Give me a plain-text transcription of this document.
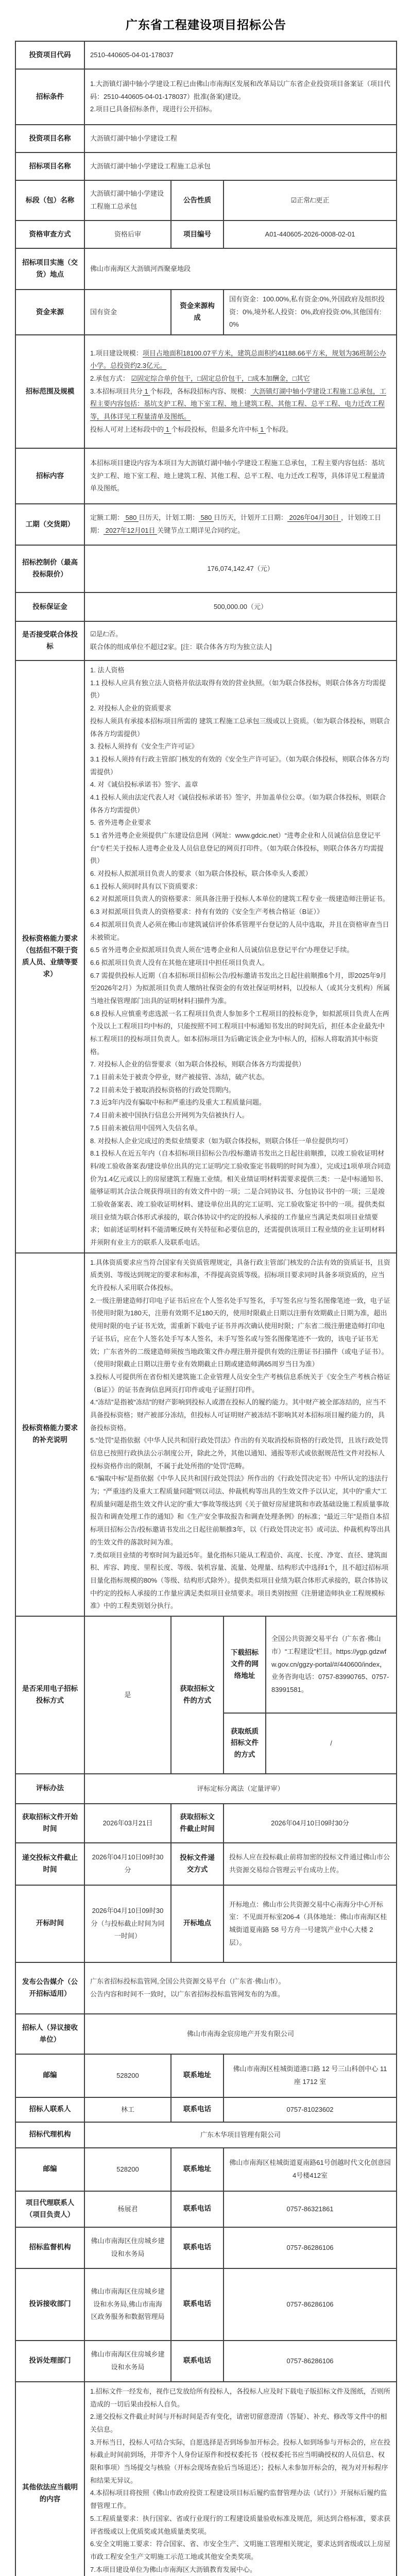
广东省工程建设项目招标公告
投资项目代码	2510-440605-04-01-178037			
招标条件	1.大沥镇灯湖中轴小学建设工程已由佛山市南海区发展和改革局以广东省企业投资项目备案证（项目代码：2510-440605-04-01-178037）批准(备案)建设。
2.项目已具备招标条件，现进行公开招标。			

投资项目名称	大沥镇灯湖中轴小学建设工程			
招标项目名称	大沥镇灯湖中轴小学建设工程施工总承包			
标段（包）名称	大沥镇灯湖中轴小学建设工程施工总承包	公告性质	☑正常/□更正	
资格审查方式	资格后审	项目编号	A01-440605-2026-0008-02-01	
招标项目实施（交货）地点	佛山市南海区大沥镇河西聚豪地段			
资金来源	国有资金	资金来源构成	国有资金：100.00%,私有资金:0%,外国政府及组织投资：0%,境外私人投资：0%,政府投资:0%,其他国有:0%	
招标范围及规模	1.项目建设规模：项目占地面积18100.07平方米，建筑总面积约41188.66平方米，规划为36班制公办小学。总投资约2.3亿元。
2.承包方式： ☑固定综合单价包干，□固定总价包干，□成本加酬金，□其它
3.本招标项目共分 1 个标段，各标段招标内容、规模： 大沥镇灯湖中轴小学建设工程施工总承包，工程主要内容包括：基坑支护工程、地下室工程、地上建筑工程、其他工程、总平工程、电力迁改工程等，具体详见工程量清单及图纸。
投标人可对上述标段中的 1 个标段投标，但最多允许中标 1 个标段。			

招标内容	本招标项目建设内容为本项目为大沥镇灯湖中轴小学建设工程施工总承包，工程主要内容包括：基坑支护工程、地下室工程、地上建筑工程、其他工程、总平工程、电力迁改工程等，具体详见工程量清单及图纸。			
工期（交货期）	定额工期： 580 日历天，计划工期： 580 日历天，计划开工日期： 2026年04月30日 ，计划竣工日期： 2027年12月01日 关键节点工期详见合同约定。			

招标控制价（最高投标限价）	176,074,142.47（元）			
投标保证金	500,000.00（元）			
是否接受联合体投标	☑是/□否。
联合体的组成单位不超过2家。[注：联合体各方均为独立法人]			

投标资格能力要求（包括但不限于资质人员、业绩等要求）	
1. 法人资格
1.1 投标人应具有独立法人资格并依法取得有效的营业执照。（如为联合体投标，则联合体各方均需提供）
2. 对投标人企业的资质要求
投标人须具有承接本招标项目所需的 建筑工程施工总承包三级或以上资质。（如为联合体投标，则联合体各方均需提供）
3. 投标人须持有《安全生产许可证》
3.1 投标人须持有行政主管部门核发的有效的《安全生产许可证》。（如为联合体投标，则联合体各方均需提供）
4. 对《诚信投标承诺书》签字、盖章
4.1 投标人须由法定代表人对《诚信投标承诺书》签字，并加盖单位公章。（如为联合体投标，则联合体各方均需提供）
5. 省外进粤企业要求
5.1 省外进粤企业须提供广东建设信息网（网址：www.gdcic.net）“进粤企业和人员诚信信息登记平台”专栏关于投标人进粤企业及人员信息登记的网页打印件。（如为联合体投标，则联合体各方均需提供）
6. 对投标人拟派项目负责人的要求（如为联合体投标，联合体牵头人委派）
6.1 投标人须同时具有以下资质要求：
6.2 对拟派项目负责人的资格要求：须具备注册于投标人本单位的建筑工程专业一级建造师注册证书。
6.3 对拟派项目负责人的资格要求：持有有效的《安全生产考核合格证（B证）》
6.4 拟派项目负责人必须在佛山市建筑诚信评价体系管理平台登记的人员中选取，并且在资格审查当日未被锁定。
6.5 省外进粤企业拟派项目负责人须在“进粤企业和人员诚信信息登记平台”办理登记手续。
6.6 拟派项目负责人没有在其他在建项目中担任项目负责人。
6.7 需提供投标人近期（自本招标项目招标公告/投标邀请书发出之日起往前顺推6个月，即2025年9月至2026年2月）为拟派项目负责人缴纳社保资金的有效社保证明材料，以投标人（或其分支机构）所属当地社保管理部门出具的证明材料扫描件为准。
6.8 投标人应慎重考虑选派一名工程项目负责人参加多个工程项目的投标竞争，如拟派项目负责人在两个及以上工程项目均中标的，只能按照不同工程项目中标通知书发出的时间先后，担任本企业最先中标工程项目的投标项目负责人。如本招标项目为后确定该企业为中标人的，招标人将取消其中标资格。
7. 对投标人企业的信誉要求（如为联合体投标，则联合体各方均需提供）
7.1 目前未处于被责令停业，财产被接管、冻结，破产状态。
7.2 目前未处于被取消投标资格的行政处罚期内。
7.3 近3年内没有骗取中标和严重违约及重大工程质量问题。
7.4 目前未被中国执行信息公开网列为失信被执行人。
7.5 目前未被信用中国列入失信名单。
8. 对投标人企业完成过的类似业绩要求（如为联合体投标，则联合体任一单位提供均可）
8.1 投标人在近五年内（自本招标项目招标公告/投标邀请书发出之日起往前顺推，以竣工验收证明材料/竣工验收备案表/建设单位出具的完工证明/完工验收鉴定书载明的时间为准），完成过1项单项合同造价为1.4亿元或以上的房屋建筑工程施工业绩。相关业绩证明材料需要求提供三类：一是中标通知书、能够证明其合法合规获得项目的有效文件中的一项；二是合同协议书、分包协议书中的一项；三是竣工验收备案表、竣工验收证明材料、建设单位出具的完工证明、完工验收鉴定书中的一项。提供类似项目业绩为联合体形式承接的，联合体协议中约定的投标人承接的工作量应当满足类似项目业绩要求；如前述证明材料不能清晰反映有关特征和必要信息的，还需提供该项目工程业绩的业主证明材料并须附有业主方的联系人及联系电话。

投标资格能力要求的补充说明	
1.具体资质要求应当符合国家有关资质管理规定，具备行政主管部门核发的合法有效的资质证书，且资质类别、等级达到规定的要求和标准，不得提高资质等级。招标项目要求同时具备多项资质的，应当允许投标人采用联合体投标。
2.一级注册建造师打印电子证书后应在个人签名处手写签名，手写签名应与签名图像笔迹一致，电子证书使用时限为180天，注册有效期不足180天的，使用时限截止日期以注册有效期截止日期为准，超出使用时限的电子证书无效，需重新下载电子证书并再次确认使用时限；广东省二级注册建造师打印电子证书后，应在个人签名处手写本人签名，未手写签名或与签名图像笔迹不一致的，该电子证书无效；广东省外的二级建造师须按当地政策文件办理注册并提供有效的注册证书扫描件（或电子证书）。（使用时限截止日期以注册专业有效期截止日期或建造师满65周岁当日为准）
3.投标人可提供所在省份相关建筑施工企业管理人员安全生产考核信息系统关于《安全生产考核合格证（B证）》的证书查询信息网页打印件或电子证照打印件。
4.“冻结”是指被“冻结”的财产影响到投标人或潜在投标人的履约能力。其中财产被全部冻结的，应当不具备投标资格；财产被部分冻结，但投标人可证明财产被冻结不影响其对本招标项目履约能力的，具备投标资格。
5.“处罚”是指依据《中华人民共和国行政处罚法》作出的有关取消投标资格的行政处罚，且该行政处罚信息已按照行政执法公示制度公开，除此之外，其他以通知、通报等形式或依据规范性文件对投标人投标资格作出的限制，不属于此处所指的“处罚”范畴。
6.“骗取中标”是指依据《中华人民共和国行政处罚法》所作出的《行政处罚决定书》中所认定的违法行为；“严重违约及重大工程质量问题”则以司法、仲裁机构等出具的生效文件予以认定，其中的“重大”工程质量问题是指生效文件认定的“重大”事故等级达到《关于做好房屋建筑和市政基础设施工程质量事故报告和调查处理工作的通知》和《生产安全事故报告和调查处理条例》的标准；“最近三年”是指自本招标项目招标公告/投标邀请书发出之日起往前顺推3年，以《行政处罚决定书》或司法、仲裁机构等出具的生效文件的落款时间为准。
7.类似项目业绩的考察时间为最近5年。量化指标只能从工程造价、高度、长度、净宽、直径、建筑面积、库容、跨度、里程长度、等级、装机容量、流量、处理量、结构形式中选择1个，且不超过招标项目量化指标规模的80%（等级、结构形式除外）。提供类似项目业绩为联合体形式承接的，联合体协议中约定的投标人承接的工作量应满足类似项目业绩要求。项目类别按照《注册建造师执业工程规模标准》中的工程类别划分执行。

是否采用电子招标投标方式	是	获取招标文件的方式	下载招标文件的网络地址	全国公共资源交易平台（广东省·佛山市）“工程建设”栏目。https://ygp.gdzwfw.gov.cn/ggzy-portal/#/440600/index，业务咨询电话：0757-83990765、0757-83991581。
			获取纸质招标文件的方式	/
评标办法	评标定标分离法（定量评审）			
获取招标文件开始时间	2026年03月21日	获取招标文件截止时间	2026年04月10日09时30分	
递交投标文件截止时间	2026年04月10日09时30分	投标文件递交方式	投标人应在投标截止前将加密的投标文件通过佛山市公共资源交易综合管理云平台成功上传。	
开标时间	2026年04月10日09时30分（与投标截止时间为同一时间）	开标地点	开标地点：佛山市公共资源交易中心南海分中心开标室：不见面开标室206-4（具体地址：佛山市南海区桂城街道夏南路 58 号方舟一号建筑产业中心大楼 2 层）。	
发布公告媒介（公开招标适用）	广东省招标投标监管网,全国公共资源交易平台（广东省·佛山市）。
公告内容和时间不一致时，以广东省招标投标监管网发布的为准。			

招标人（异议接收单位）	佛山市南海金宸房地产开发有限公司			
邮编	528200	联系地址	佛山市南海区桂城街道港口路 12 号三山科创中心 11 座 1712 室	
招标人联系人	林工	联系电话	0757-81023602	
招标代理机构	广东木华项目管理有限公司			
邮编	528200	联系地址	佛山市南海区桂城街道夏南路61号创越时代文化创意园4号楼412室	
项目代理联系人（项目负责人）	杨展君	联系电话	0757-86321861	
招标监督机构	佛山市南海区住房城乡建设和水务局	联系电话	0757-86286106	
投诉接收部门	佛山市南海区住房城乡建设和水务局,佛山市南海区政务服务和数据管理局	联系电话	0757-86286106	
投诉处理部门	佛山市南海区住房城乡建设和水务局	联系电话	0757-86286106	
其他依法应当载明的内容	
1.招标文件一经发布，视作已发放给所有投标人，各投标人应及时下载电子版招标文件及图纸，否则所造成的一切后果由投标人自负。
2.递交投标文件截止时间与开标时间是否有变化，请密切留意澄清（答疑）、补充、修改等文件中的相关信息。
3.开标当日，投标人可结合实际，自愿选择是否到场参加开标会。投标人如到场参与开标会的，应在投标截止时间前到场，并带齐个人身份证原件和授权委托书（授权委托书应当明确授权的人员信息、权限和事项）当场提交与核验（开标会现场查验后当场退还）；投标人未参加开标会的，视为对开标程序和结果无异议。
4.本招标项目将按照《佛山市政府投资工程建设项目标后履约监督管理办法（试行）》开展标后履约监督管理工作。
5.工程质量要求：执行国家、省或行业现行的工程建设质量验收标准及规范，须达到合格标准，要求获评省级或以上优质奖或其他质量类奖项。
6.安全文明施工要求：符合国家、省、市安全生产、文明施工管理相关规定，要求达到省级或以上房屋市政工程安全生产文明施工示范工地或其他安全类奖项。
7.本项目建设单位为佛山市南海区大沥镇教育发展中心。
